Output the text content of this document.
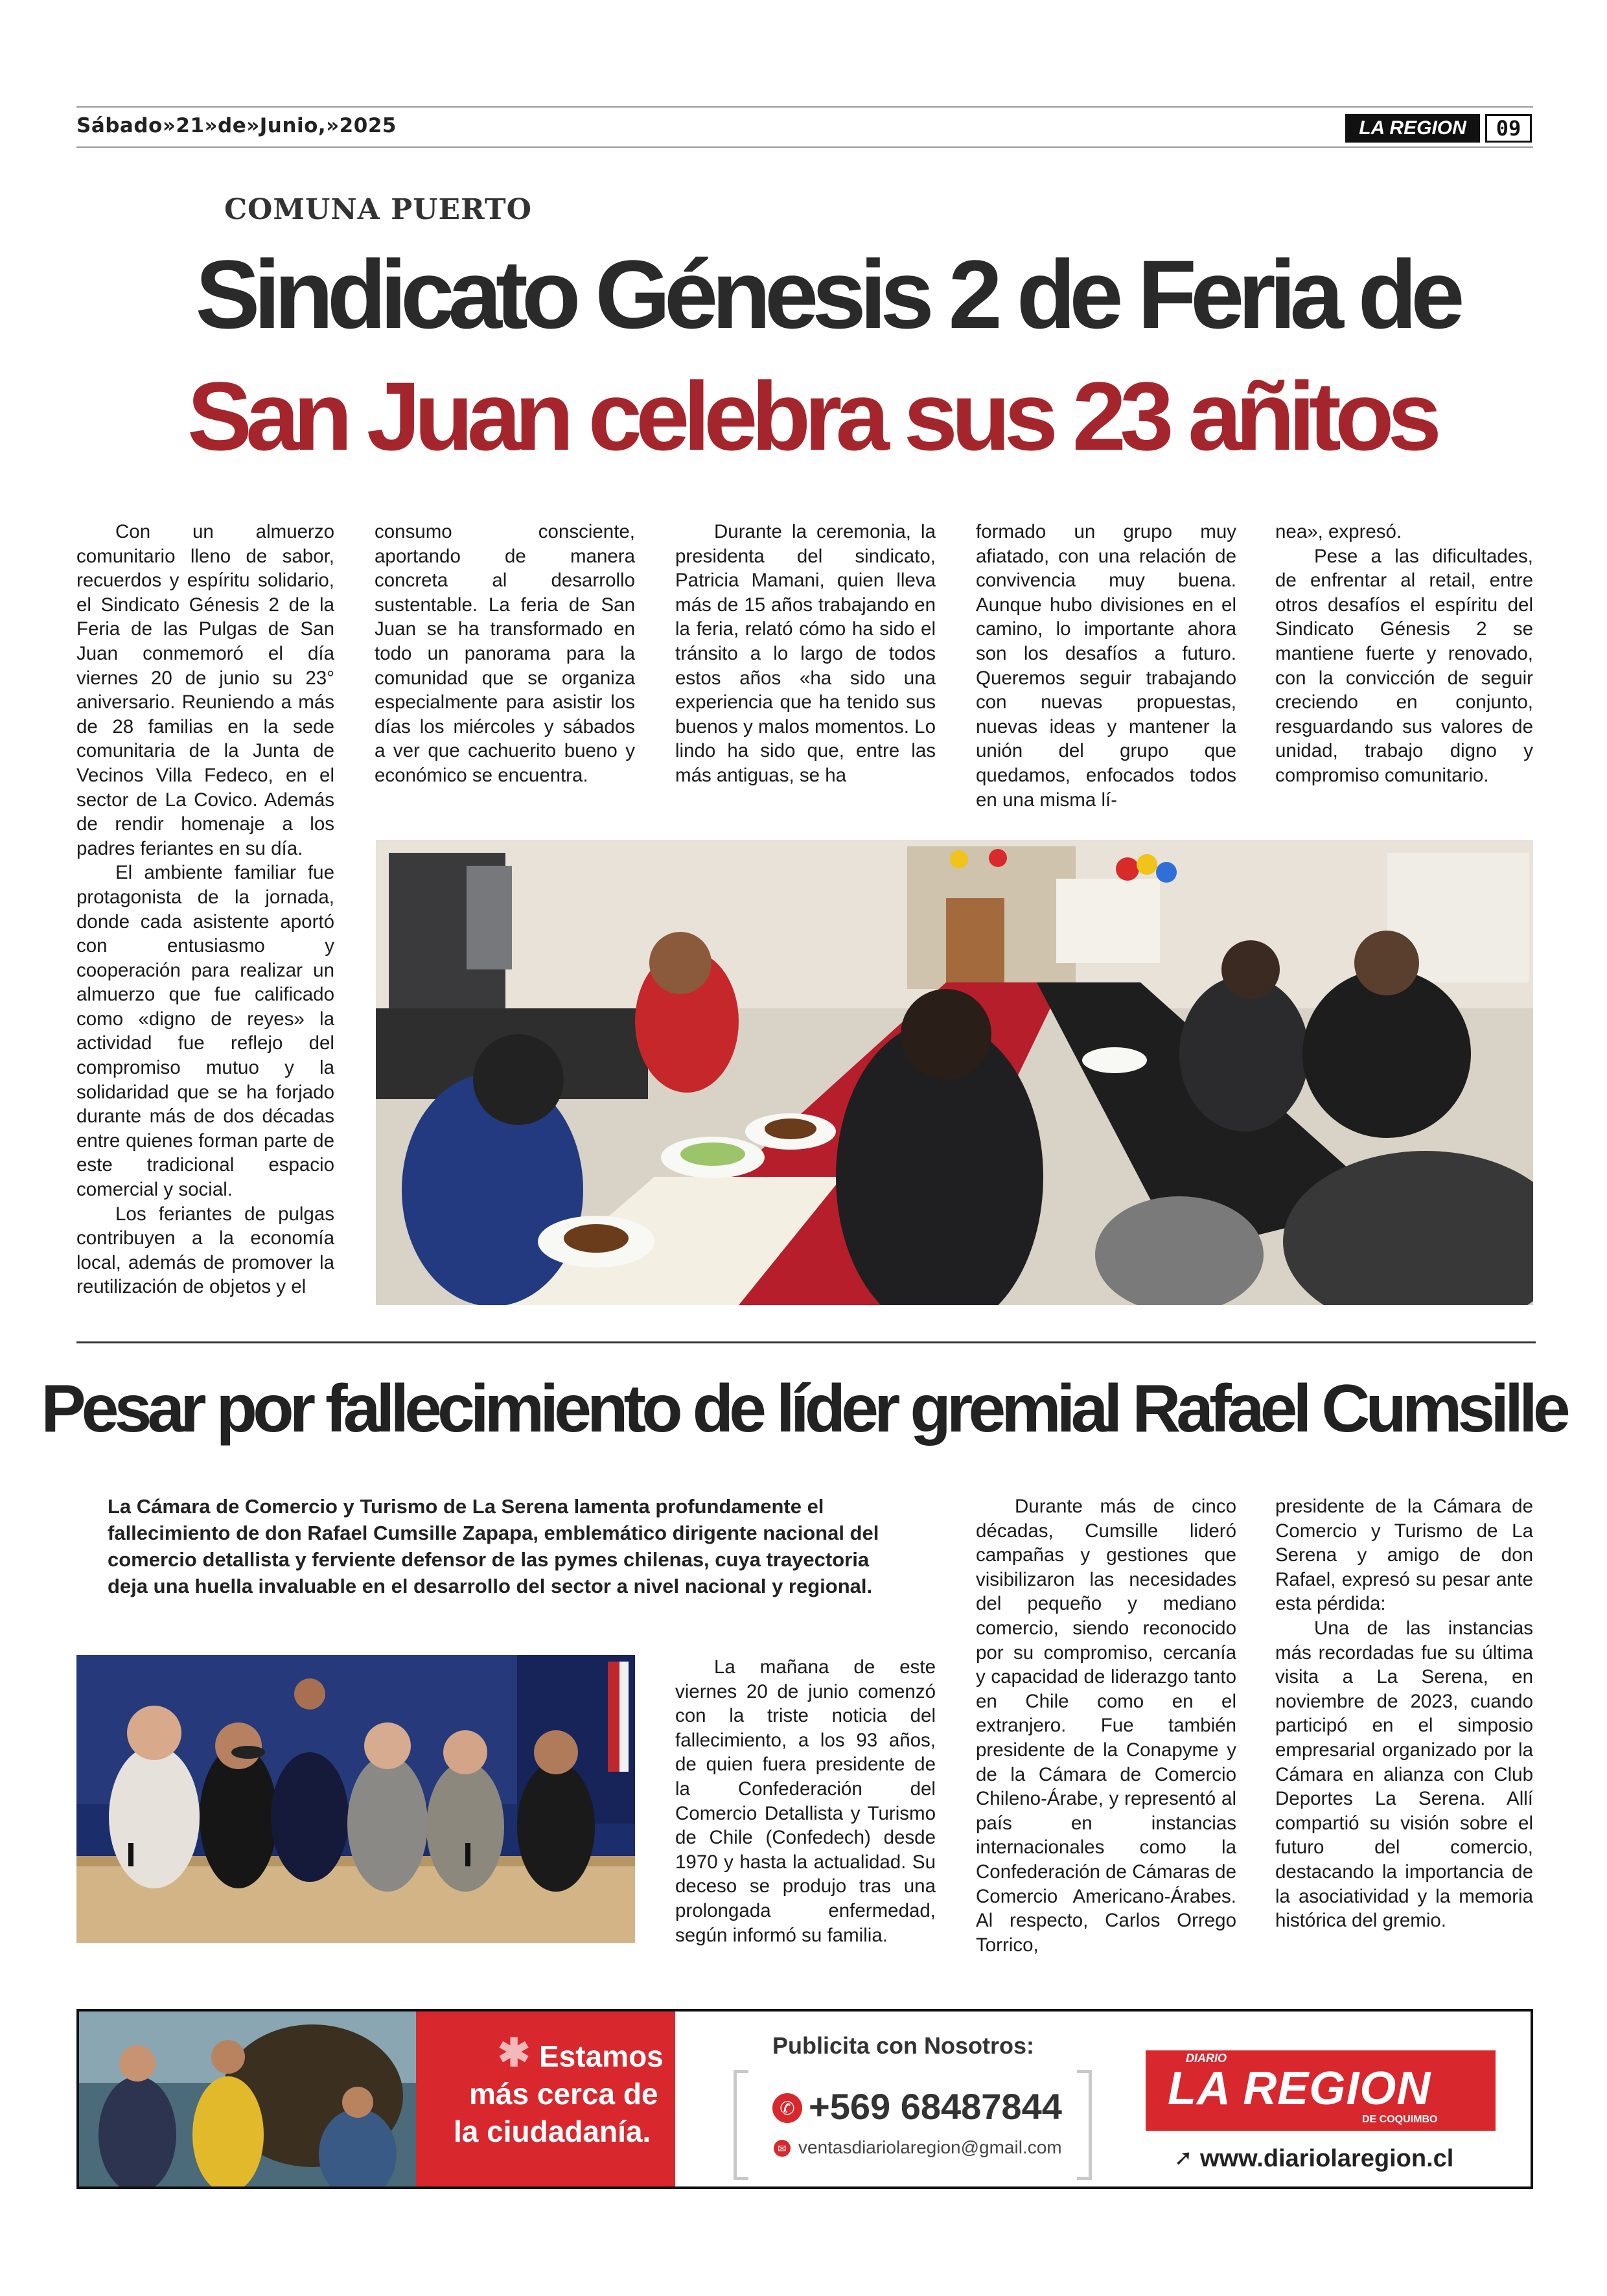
Sábado»21»de»Junio,»2025	LA REGION	09
COMUNA PUERTO
Sindicato Génesis 2 de Feria de
San Juan celebra sus 23 añitos

Con un almuerzo comunitario lleno de sabor, recuerdos y espíritu solidario, el Sindicato Génesis 2 de la Feria de las Pulgas de San Juan conmemoró el día viernes 20 de junio su 23° aniversario. Reuniendo a más de 28 familias en la sede comunitaria de la Junta de Vecinos Villa Fedeco, en el sector de La Covico. Además de rendir homenaje a los padres feriantes en su día.

El ambiente familiar fue protagonista de la jornada, donde cada asistente aportó con entusiasmo y cooperación para realizar un almuerzo que fue calificado como «digno de reyes» la actividad fue reflejo del compromiso mutuo y la solidaridad que se ha forjado durante más de dos décadas entre quienes forman parte de este tradicional espacio comercial y social.

Los feriantes de pulgas contribuyen a la economía local, además de promover la reutilización de objetos y el

consumo consciente, aportando de manera concreta al desarrollo sustentable. La feria de San Juan se ha transformado en todo un panorama para la comunidad que se organiza especialmente para asistir los días los miércoles y sábados a ver que cachuerito bueno y económico se encuentra.

Durante la ceremonia, la presidenta del sindicato, Patricia Mamani, quien lleva más de 15 años trabajando en la feria, relató cómo ha sido el tránsito a lo largo de todos estos años «ha sido una experiencia que ha tenido sus buenos y malos momentos. Lo lindo ha sido que, entre las más antiguas, se ha

formado un grupo muy afiatado, con una relación de convivencia muy buena. Aunque hubo divisiones en el camino, lo importante ahora son los desafíos a futuro. Queremos seguir trabajando con nuevas propuestas, nuevas ideas y mantener la unión del grupo que quedamos, enfocados todos en una misma lí-

nea», expresó.

Pese a las dificultades, de enfrentar al retail, entre otros desafíos el espíritu del Sindicato Génesis 2 se mantiene fuerte y renovado, con la convicción de seguir creciendo en conjunto, resguardando sus valores de unidad, trabajo digno y compromiso comunitario.

Pesar por fallecimiento de líder gremial Rafael Cumsille
La Cámara de Comercio y Turismo de La Serena lamenta profundamente el fallecimiento de don Rafael Cumsille Zapapa, emblemático dirigente nacional del comercio detallista y ferviente defensor de las pymes chilenas, cuya trayectoria deja una huella invaluable en el desarrollo del sector a nivel nacional y regional.

La mañana de este viernes 20 de junio comenzó con la triste noticia del fallecimiento, a los 93 años, de quien fuera presidente de la Confederación del Comercio Detallista y Turismo de Chile (Confedech) desde 1970 y hasta la actualidad. Su deceso se produjo tras una prolongada enfermedad, según informó su familia.

Durante más de cinco décadas, Cumsille lideró campañas y gestiones que visibilizaron las necesidades del pequeño y mediano comercio, siendo reconocido por su compromiso, cercanía y capacidad de liderazgo tanto en Chile como en el extranjero. Fue también presidente de la Conapyme y de la Cámara de Comercio Chileno-Árabe, y representó al país en instancias internacionales como la Confederación de Cámaras de Comercio Americano-Árabes. Al respecto, Carlos Orrego Torrico,

presidente de la Cámara de Comercio y Turismo de La Serena y amigo de don Rafael, expresó su pesar ante esta pérdida:

Una de las instancias más recordadas fue su última visita a La Serena, en noviembre de 2023, cuando participó en el simposio empresarial organizado por la Cámara en alianza con Club Deportes La Serena. Allí compartió su visión sobre el futuro del comercio, destacando la importancia de la asociatividad y la memoria histórica del gremio.

✱ Estamos
más cerca de
la ciudadanía.
Publicita con Nosotros:
✆ +569 68487844
✉ ventasdiariolaregion@gmail.com
DIARIO
LA REGION
DE COQUIMBO
➚ www.diariolaregion.cl
